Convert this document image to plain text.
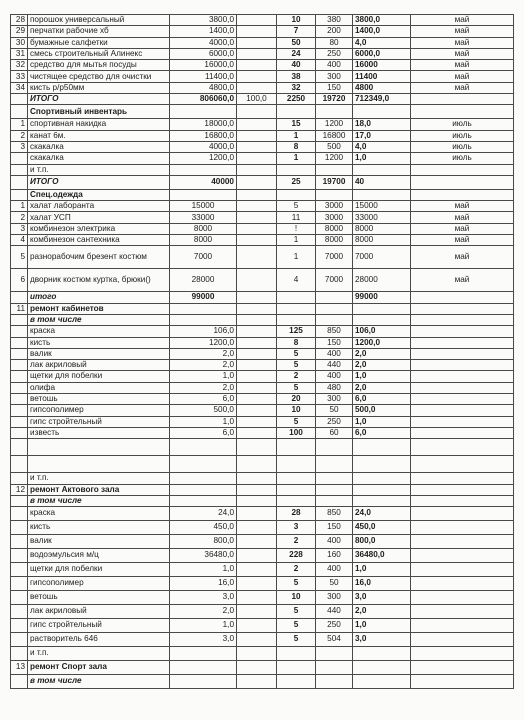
28	порошок универсальный	3800,0		10	380	3800,0	май
29	перчатки рабочие хб	1400,0		7	200	1400,0	май
30	бумажные салфетки	4000,0		50	80	4,0	май
31	смесь строительный Алинекс	6000,0		24	250	6000,0	май
32	средство для мытья посуды	16000,0		40	400	16000	май
33	чистящее средство для очистки	11400,0		38	300	11400	май
34	кисть р/р50мм	4800,0		32	150	4800	май
	ИТОГО	806060,0	100,0	2250	19720	712349,0	
	Спортивный инвентарь						
1	спортивная накидка	18000,0		15	1200	18,0	июль
2	канат 6м.	16800,0		1	16800	17,0	июль
3	скакалка	4000,0		8	500	4,0	июль
	скакалка	1200,0		1	1200	1,0	июль
	и т.п.						
	ИТОГО	40000		25	19700	40	
	Спец.одежда						
1	халат лаборанта	15000		5	3000	15000	май
2	халат УСП	33000		11	3000	33000	май
3	комбинезон электрика	8000		!	8000	8000	май
4	комбинезон сантехника	8000		1	8000	8000	май
5	разнорабочим брезент костюм	7000		1	7000	7000	май
6	дворник костюм куртка, брюки()	28000		4	7000	28000	май
	итого	99000				99000	
11	ремонт кабинетов						
	в том числе						
	краска	106,0		125	850	106,0	
	кисть	1200,0		8	150	1200,0	
	валик	2,0		5	400	2,0	
	лак акриловый	2,0		5	440	2,0	
	щетки для побелки	1,0		2	400	1,0	
	олифа	2,0		5	480	2,0	
	ветошь	6,0		20	300	6,0	
	гипсополимер	500,0		10	50	500,0	
	гипс стройтельный	1,0		5	250	1,0	
	известь	6,0		100	60	6,0	

	и т.п.						
12	ремонт Актового зала						
	в том числе						
	краска	24,0		28	850	24,0	
	кисть	450,0		3	150	450,0	
	валик	800,0		2	400	800,0	
	водоэмульсия м/ц	36480,0		228	160	36480,0	
	щетки для побелки	1,0		2	400	1,0	
	гипсополимер	16,0		5	50	16,0	
	ветошь	3,0		10	300	3,0	
	лак акриловый	2,0		5	440	2,0	
	гипс стройтельный	1,0		5	250	1,0	
	растворитель 646	3,0		5	504	3,0	
	и т.п.						
13	ремонт Спорт зала						
	в том числе						
